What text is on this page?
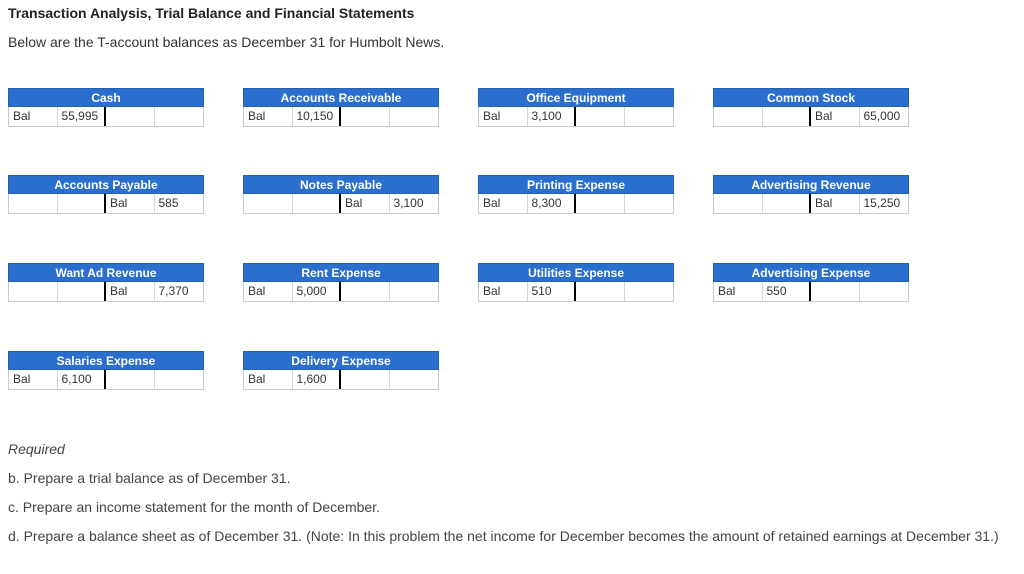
Transaction Analysis, Trial Balance and Financial Statements
Below are the T-account balances as December 31 for Humbolt News.
Cash
Bal	55,995
Accounts Receivable
Bal	10,150
Office Equipment
Bal	3,100
Common Stock
Bal	65,000
Accounts Payable
Bal	585
Notes Payable
Bal	3,100
Printing Expense
Bal	8,300
Advertising Revenue
Bal	15,250
Want Ad Revenue
Bal	7,370
Rent Expense
Bal	5,000
Utilities Expense
Bal	510
Advertising Expense
Bal	550
Salaries Expense
Bal	6,100
Delivery Expense
Bal	1,600
Required
b. Prepare a trial balance as of December 31.
c. Prepare an income statement for the month of December.
d. Prepare a balance sheet as of December 31. (Note: In this problem the net income for December becomes the amount of retained earnings at December 31.)
